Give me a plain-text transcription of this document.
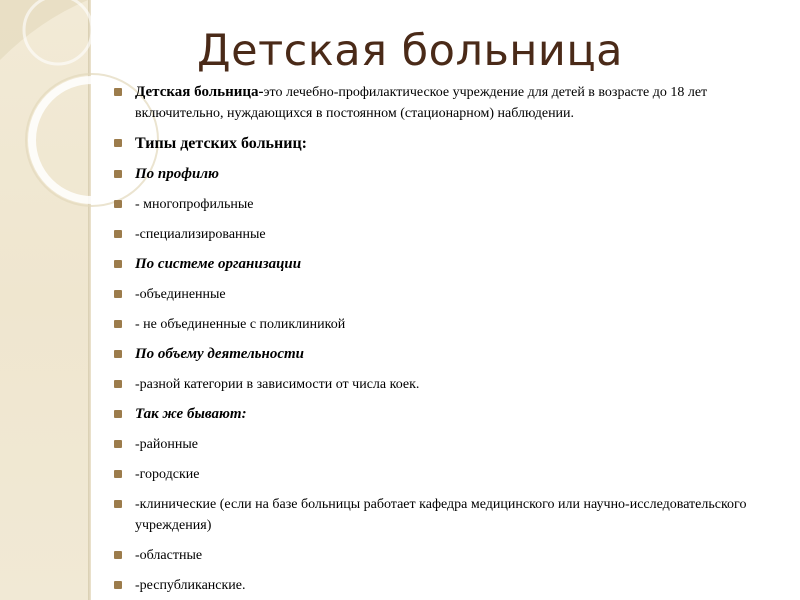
Детская больница
Детская больница-это лечебно-профилактическое учреждение для детей в возрасте до 18 лет включительно, нуждающихся в постоянном (стационарном) наблюдении.
Типы детских больниц:
По профилю
- многопрофильные
-специализированные
По системе организации
-объединенные
- не объединенные с поликлиникой
По объему деятельности
-разной категории в зависимости от числа коек.
Так же бывают:
-районные
-городские
-клинические (если на базе больницы работает кафедра медицинского или научно-исследовательского учреждения)
-областные
-республиканские.
